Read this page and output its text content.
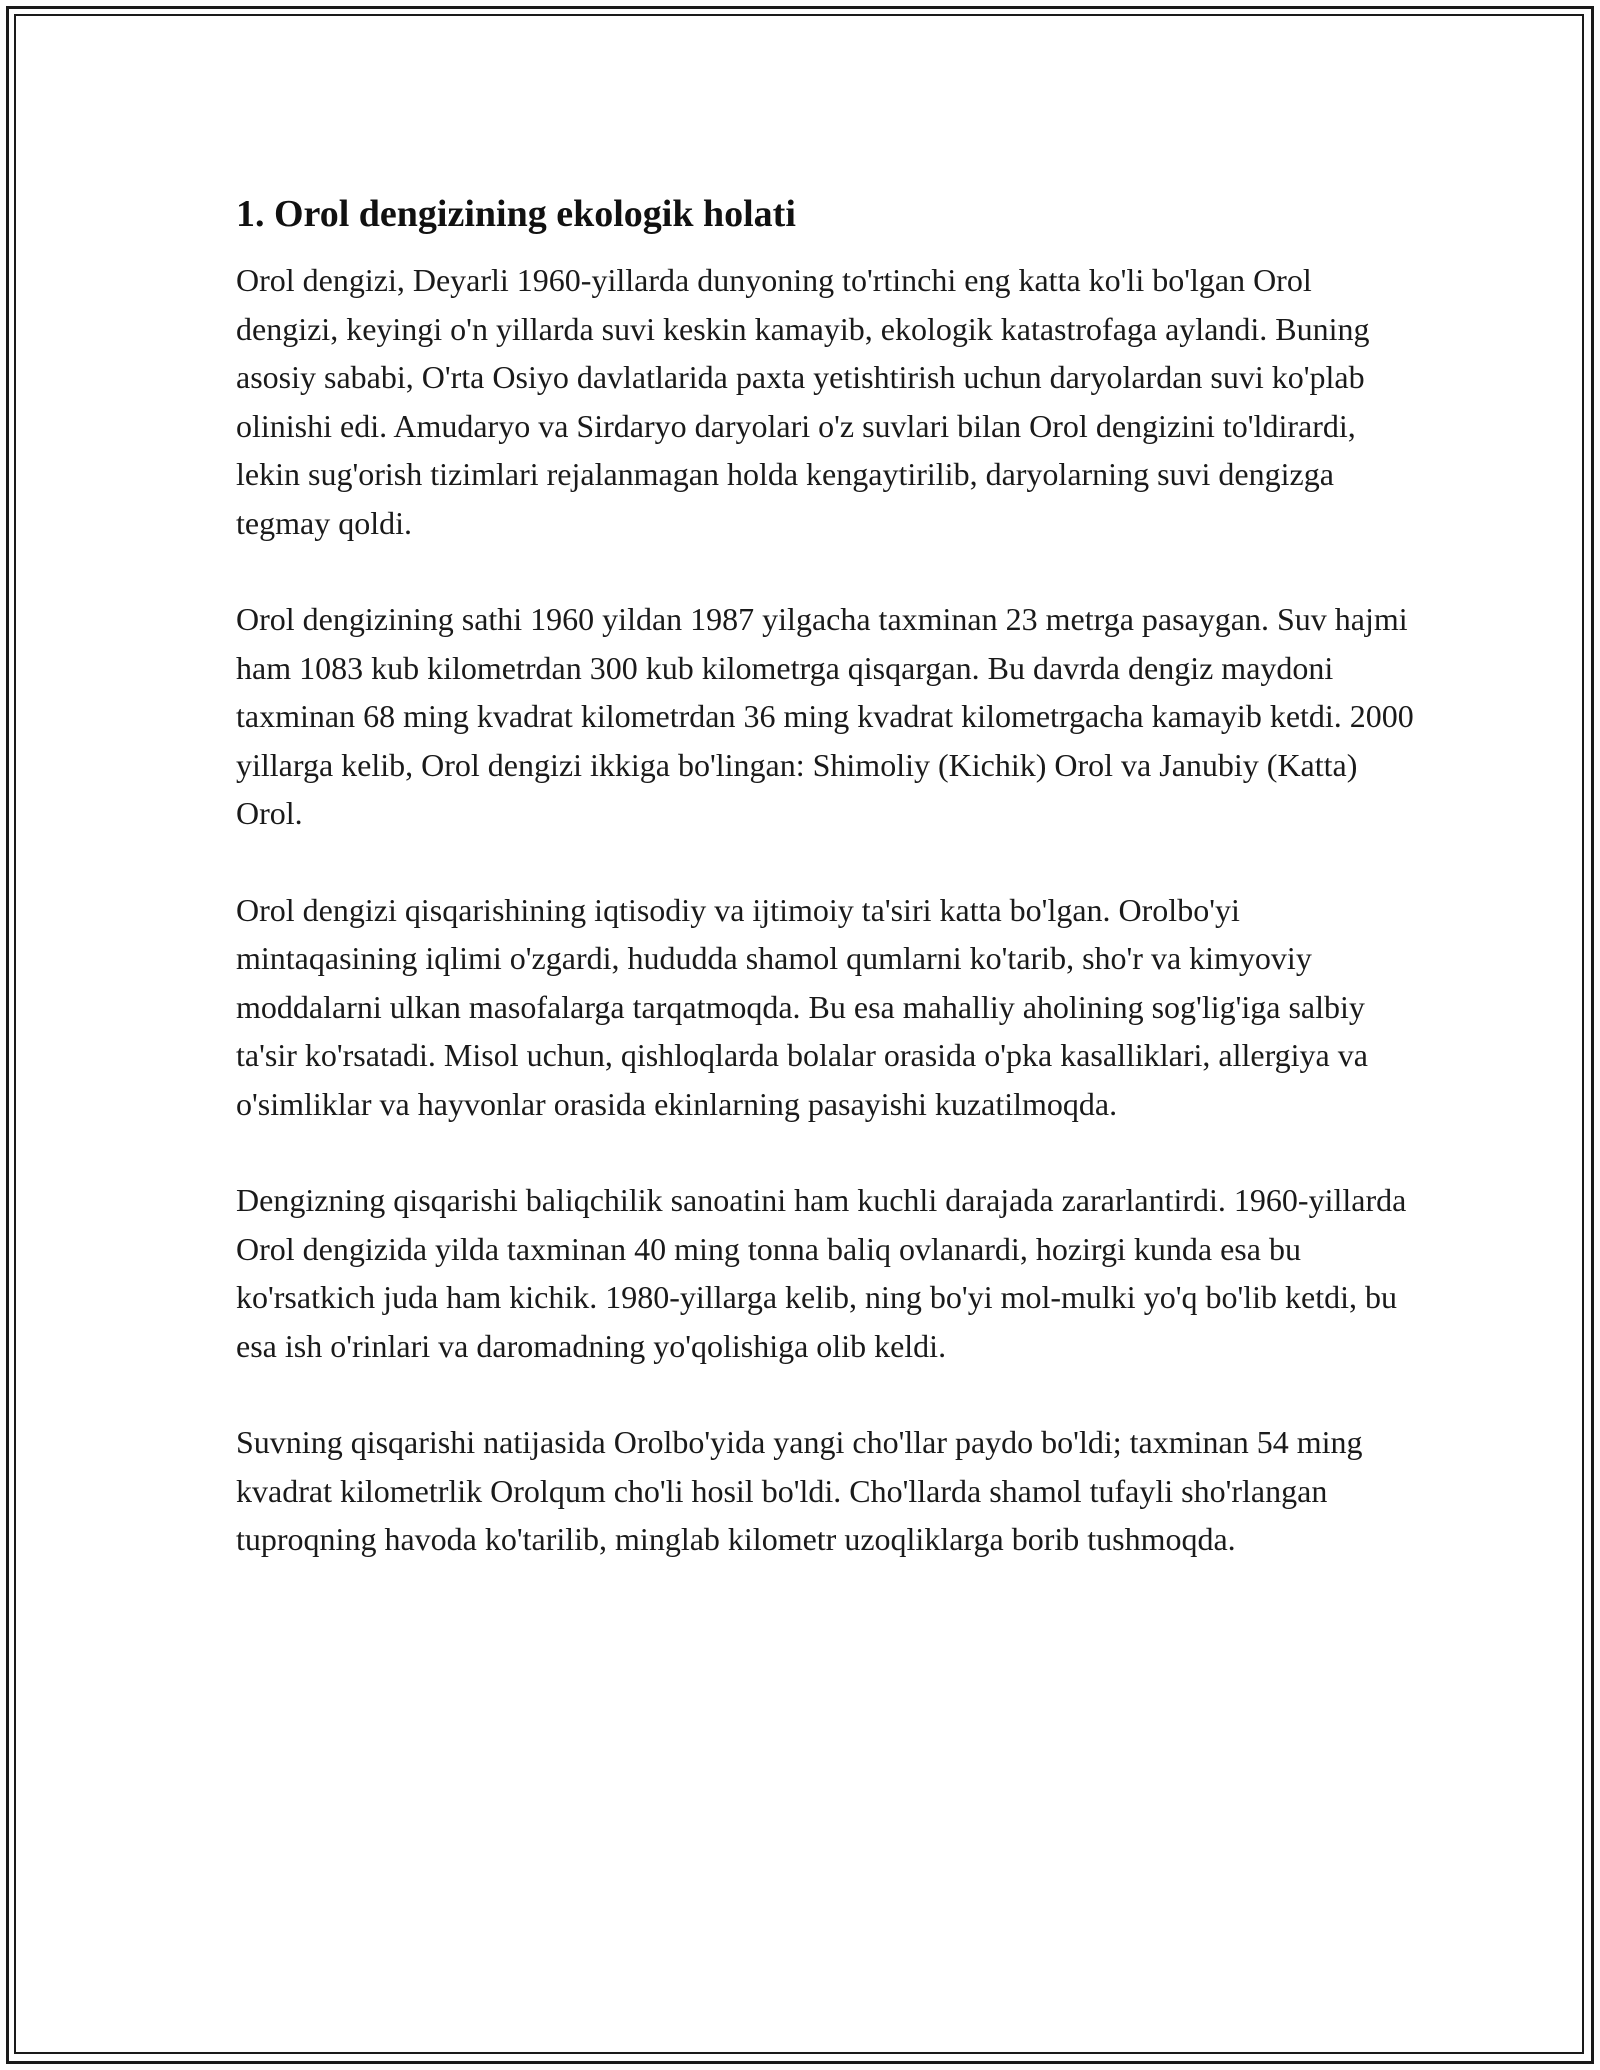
1. Orol dengizining ekologik holati

Orol dengizi, Deyarli 1960-yillarda dunyoning to'rtinchi eng katta ko'li bo'lgan Orol dengizi, keyingi o'n yillarda suvi keskin kamayib, ekologik katastrofaga aylandi. Buning asosiy sababi, O'rta Osiyo davlatlarida paxta yetishtirish uchun daryolardan suvi ko'plab olinishi edi. Amudaryo va Sirdaryo daryolari o'z suvlari bilan Orol dengizini to'ldirardi, lekin sug'orish tizimlari rejalanmagan holda kengaytirilib, daryolarning suvi dengizga tegmay qoldi.

Orol dengizining sathi 1960 yildan 1987 yilgacha taxminan 23 metrga pasaygan. Suv hajmi ham 1083 kub kilometrdan 300 kub kilometrga qisqargan. Bu davrda dengiz maydoni taxminan 68 ming kvadrat kilometrdan 36 ming kvadrat kilometrgacha kamayib ketdi. 2000 yillarga kelib, Orol dengizi ikkiga bo'lingan: Shimoliy (Kichik) Orol va Janubiy (Katta) Orol.

Orol dengizi qisqarishining iqtisodiy va ijtimoiy ta'siri katta bo'lgan. Orolbo'yi mintaqasining iqlimi o'zgardi, hududda shamol qumlarni ko'tarib, sho'r va kimyoviy moddalarni ulkan masofalarga tarqatmoqda. Bu esa mahalliy aholining sog'lig'iga salbiy ta'sir ko'rsatadi. Misol uchun, qishloqlarda bolalar orasida o'pka kasalliklari, allergiya va o'simliklar va hayvonlar orasida ekinlarning pasayishi kuzatilmoqda.

Dengizning qisqarishi baliqchilik sanoatini ham kuchli darajada zararlantirdi. 1960-yillarda Orol dengizida yilda taxminan 40 ming tonna baliq ovlanardi, hozirgi kunda esa bu ko'rsatkich juda ham kichik. 1980-yillarga kelib, ning bo'yi mol-mulki yo'q bo'lib ketdi, bu esa ish o'rinlari va daromadning yo'qolishiga olib keldi.

Suvning qisqarishi natijasida Orolbo'yida yangi cho'llar paydo bo'ldi; taxminan 54 ming kvadrat kilometrlik Orolqum cho'li hosil bo'ldi. Cho'llarda shamol tufayli sho'rlangan tuproqning havoda ko'tarilib, minglab kilometr uzoqliklarga borib tushmoqda.
